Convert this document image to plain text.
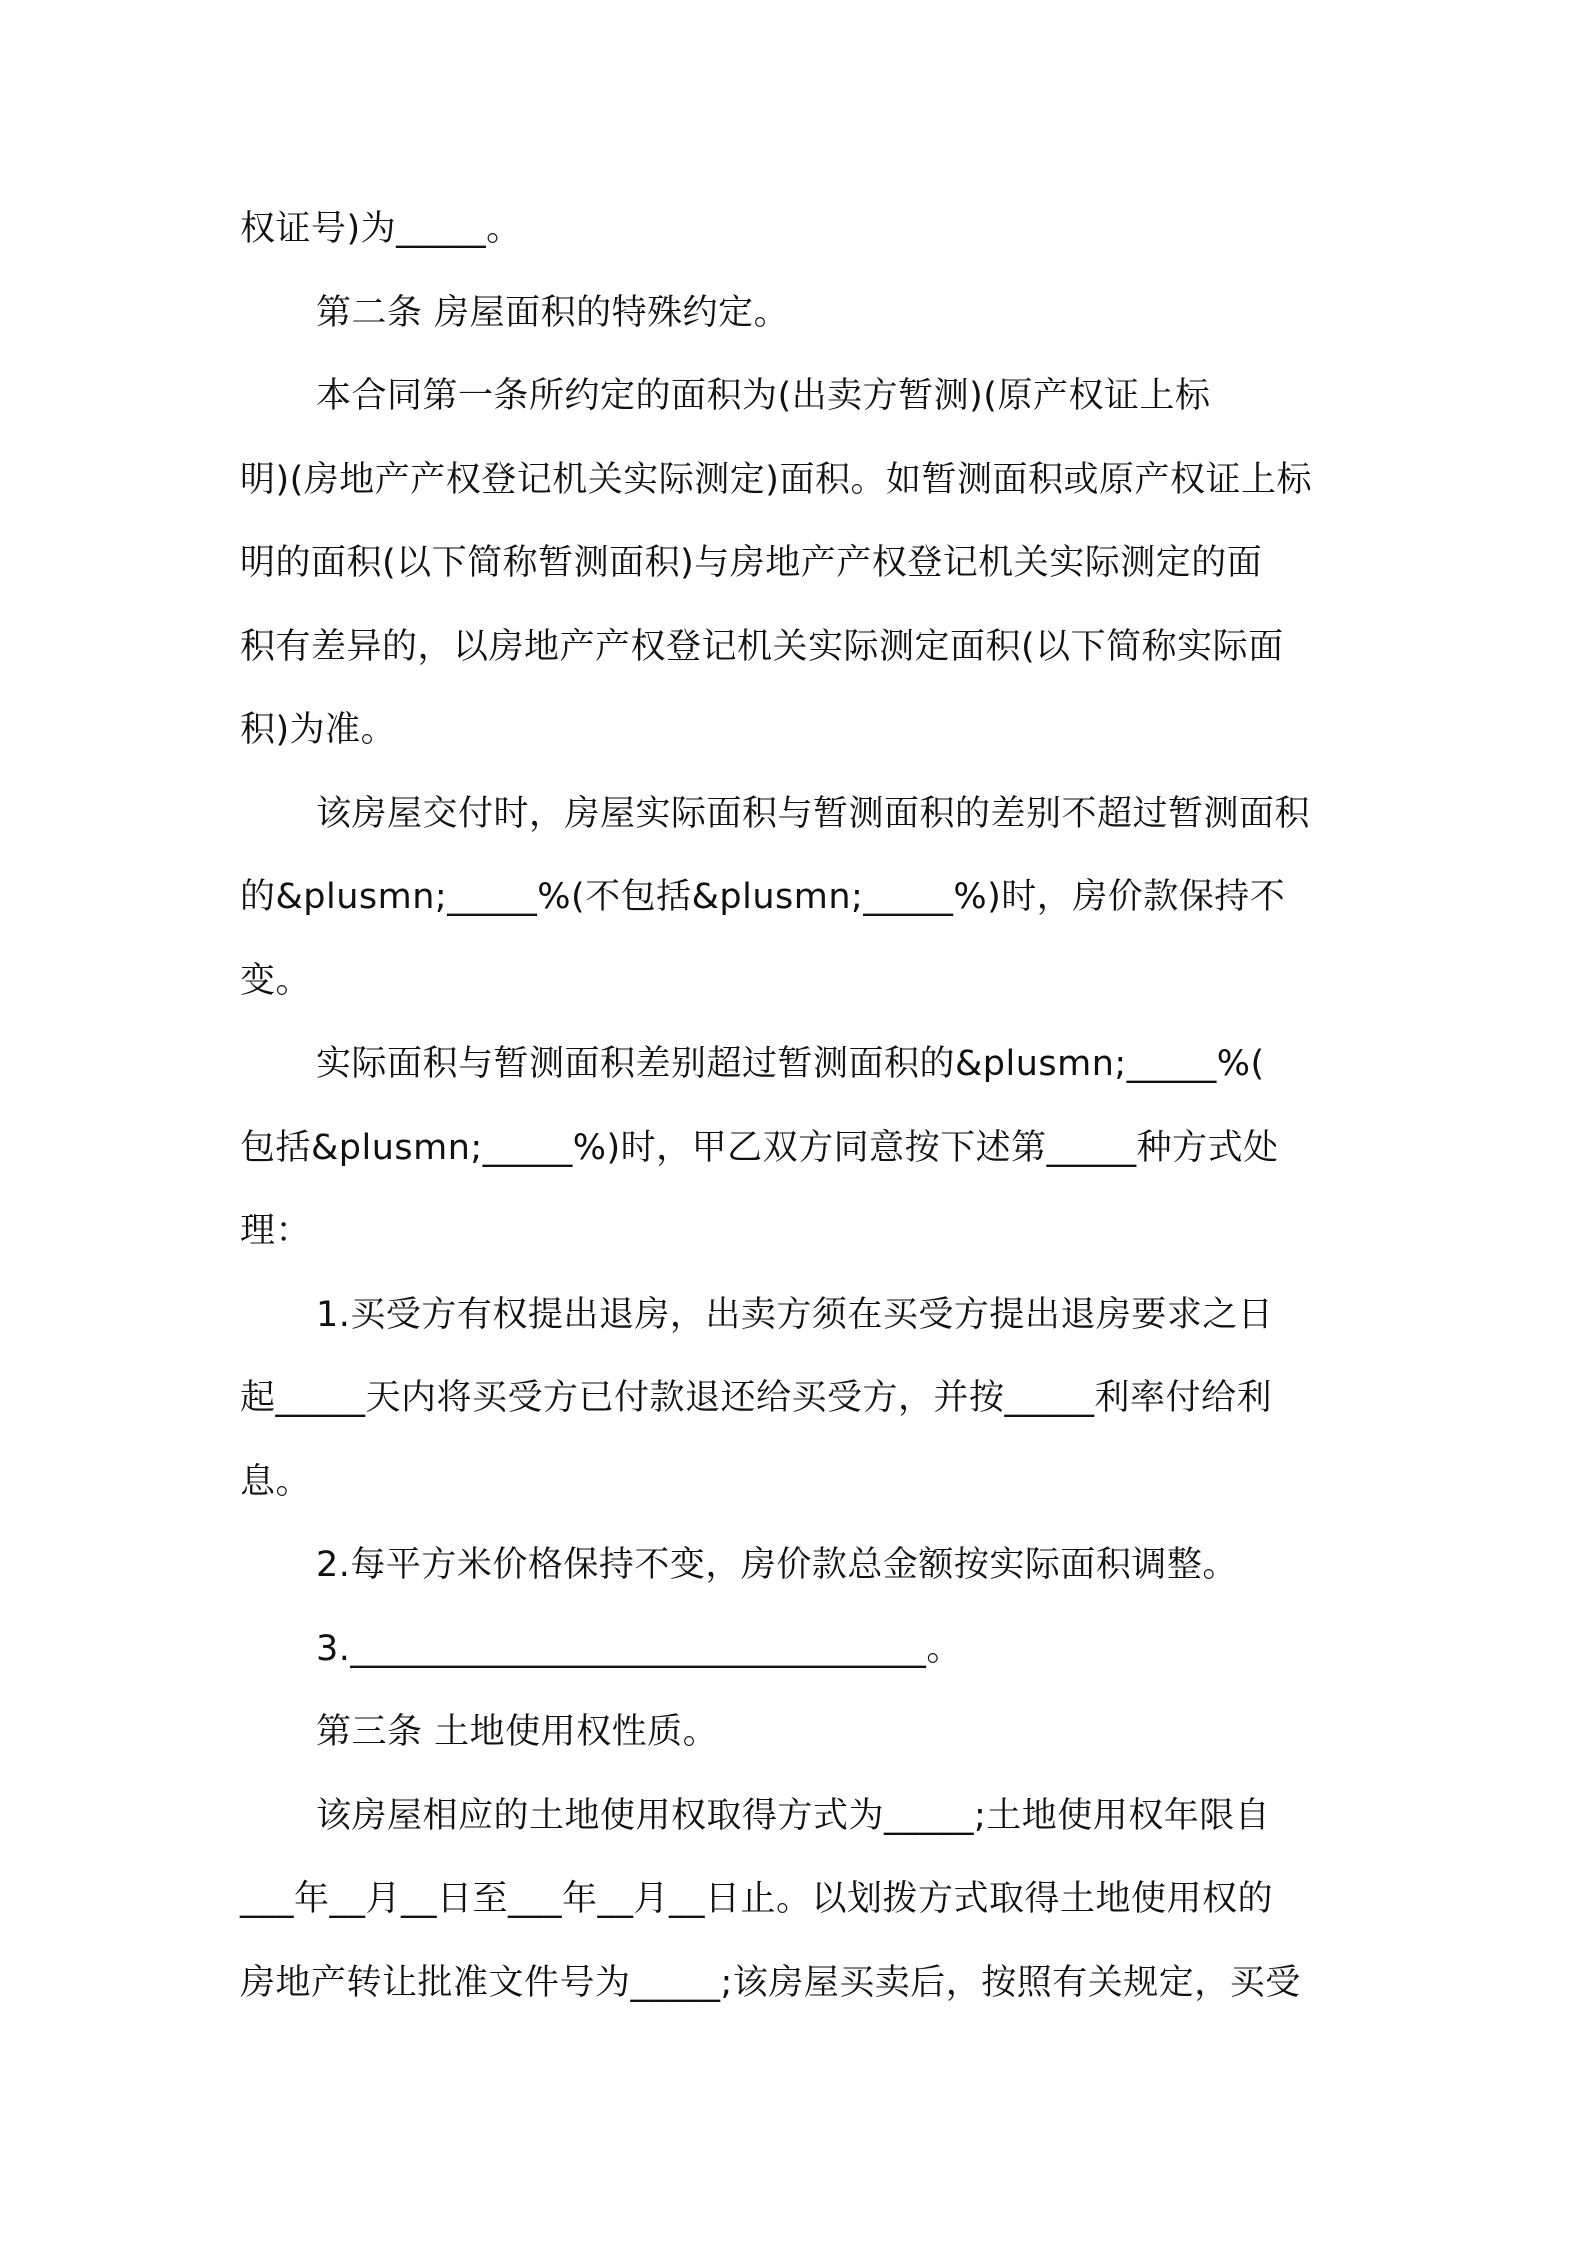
权证号)为_____。
第二条 房屋面积的特殊约定。
本合同第一条所约定的面积为(出卖方暂测)(原产权证上标
明)(房地产产权登记机关实际测定)面积。如暂测面积或原产权证上标
明的面积(以下简称暂测面积)与房地产产权登记机关实际测定的面
积有差异的，以房地产产权登记机关实际测定面积(以下简称实际面
积)为准。
该房屋交付时，房屋实际面积与暂测面积的差别不超过暂测面积
的&plusmn;_____%(不包括&plusmn;_____%)时，房价款保持不
变。
实际面积与暂测面积差别超过暂测面积的&plusmn;_____%(
包括&plusmn;_____%)时，甲乙双方同意按下述第_____种方式处
理：
1.买受方有权提出退房，出卖方须在买受方提出退房要求之日
起_____天内将买受方已付款退还给买受方，并按_____利率付给利
息。
2.每平方米价格保持不变，房价款总金额按实际面积调整。
3.________________________________。
第三条 土地使用权性质。
该房屋相应的土地使用权取得方式为_____;土地使用权年限自
___年__月__日至___年__月__日止。以划拨方式取得土地使用权的
房地产转让批准文件号为_____;该房屋买卖后，按照有关规定，买受
